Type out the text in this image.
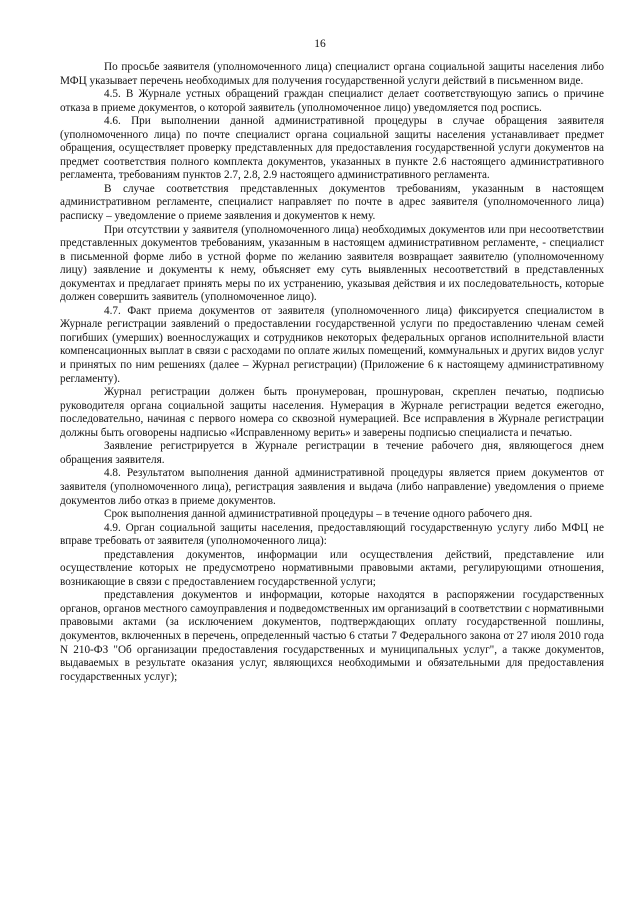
16

По просьбе заявителя (уполномоченного лица) специалист органа социальной защиты населения либо МФЦ указывает перечень необходимых для получения государственной услуги действий в письменном виде.

4.5. В Журнале устных обращений граждан специалист делает соответствующую запись о причине отказа в приеме документов, о которой заявитель (уполномоченное лицо) уведомляется под роспись.

4.6. При выполнении данной административной процедуры в случае обращения заявителя (уполномоченного лица) по почте специалист органа социальной защиты населения устанавливает предмет обращения, осуществляет проверку представленных для предоставления государственной услуги документов на предмет соответствия полного комплекта документов, указанных в пункте 2.6 настоящего административного регламента, требованиям пунктов 2.7, 2.8, 2.9 настоящего административного регламента.

В случае соответствия представленных документов требованиям, указанным в настоящем административном регламенте, специалист направляет по почте в адрес заявителя (уполномоченного лица) расписку – уведомление о приеме заявления и документов к нему.

При отсутствии у заявителя (уполномоченного лица) необходимых документов или при несоответствии представленных документов требованиям, указанным в настоящем административном регламенте, - специалист в письменной форме либо в устной форме по желанию заявителя возвращает заявителю (уполномоченному лицу) заявление и документы к нему, объясняет ему суть выявленных несоответствий в представленных документах и предлагает принять меры по их устранению, указывая действия и их последовательность, которые должен совершить заявитель (уполномоченное лицо).

4.7. Факт приема документов от заявителя (уполномоченного лица) фиксируется специалистом в Журнале регистрации заявлений о предоставлении государственной услуги по предоставлению членам семей погибших (умерших) военнослужащих и сотрудников некоторых федеральных органов исполнительной власти компенсационных выплат в связи с расходами по оплате жилых помещений, коммунальных и других видов услуг и принятых по ним решениях (далее – Журнал регистрации) (Приложение 6 к настоящему административному регламенту).

Журнал регистрации должен быть пронумерован, прошнурован, скреплен печатью, подписью руководителя органа социальной защиты населения. Нумерация в Журнале регистрации ведется ежегодно, последовательно, начиная с первого номера со сквозной нумерацией. Все исправления в Журнале регистрации должны быть оговорены надписью «Исправленному верить» и заверены подписью специалиста и печатью.

Заявление регистрируется в Журнале регистрации в течение рабочего дня, являющегося днем обращения заявителя.

4.8. Результатом выполнения данной административной процедуры является прием документов от заявителя (уполномоченного лица), регистрация заявления и выдача (либо направление) уведомления о приеме документов либо отказ в приеме документов.

Срок выполнения данной административной процедуры – в течение одного рабочего дня.

4.9. Орган социальной защиты населения, предоставляющий государственную услугу либо МФЦ не вправе требовать от заявителя (уполномоченного лица):

представления документов, информации или осуществления действий, представление или осуществление которых не предусмотрено нормативными правовыми актами, регулирующими отношения, возникающие в связи с предоставлением государственной услуги;

представления документов и информации, которые находятся в распоряжении государственных органов, органов местного самоуправления и подведомственных им организаций в соответствии с нормативными правовыми актами (за исключением документов, подтверждающих оплату государственной пошлины, документов, включенных в перечень, определенный частью 6 статьи 7 Федерального закона от 27 июля 2010 года N 210-ФЗ "Об организации предоставления государственных и муниципальных услуг", а также документов, выдаваемых в результате оказания услуг, являющихся необходимыми и обязательными для предоставления государственных услуг);
